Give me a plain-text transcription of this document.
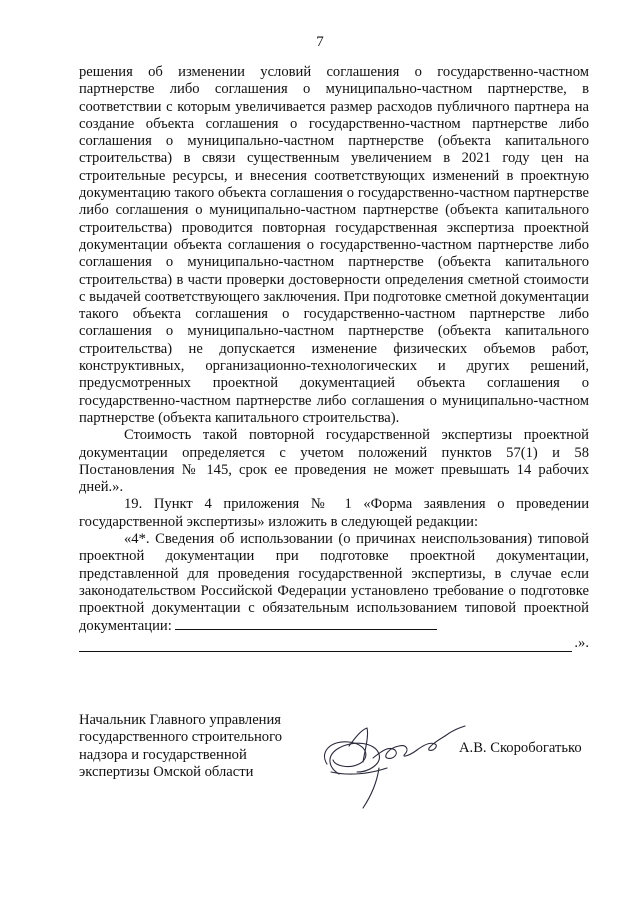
7

решения об изменении условий соглашения о государственно-частном партнерстве либо соглашения о муниципально-частном партнерстве, в соответствии с которым увеличивается размер расходов публичного партнера на создание объекта соглашения о государственно-частном партнерстве либо соглашения о муниципально-частном партнерстве (объекта капитального строительства) в связи существенным увеличением в 2021 году цен на строительные ресурсы, и внесения соответствующих изменений в проектную документацию такого объекта соглашения о государственно-частном партнерстве либо соглашения о муниципально-частном партнерстве (объекта капитального строительства) проводится повторная государственная экспертиза проектной документации объекта соглашения о государственно-частном партнерстве либо соглашения о муниципально-частном партнерстве (объекта капитального строительства) в части проверки достоверности определения сметной стоимости с выдачей соответствующего заключения. При подготовке сметной документации такого объекта соглашения о государственно-частном партнерстве либо соглашения о муниципально-частном партнерстве (объекта капитального строительства) не допускается изменение физических объемов работ, конструктивных, организационно-технологических и других решений, предусмотренных проектной документацией объекта соглашения о государственно-частном партнерстве либо соглашения о муниципально-частном партнерстве (объекта капитального строительства).

Стоимость такой повторной государственной экспертизы проектной документации определяется с учетом положений пунктов 57(1) и 58 Постановления № 145, срок ее проведения не может превышать 14 рабочих дней.».

19. Пункт 4 приложения № 1 «Форма заявления о проведении государственной экспертизы» изложить в следующей редакции:

«4*. Сведения об использовании (о причинах неиспользования) типовой проектной документации при подготовке проектной документации, представленной для проведения государственной экспертизы, в случае если законодательством Российской Федерации установлено требование о подготовке проектной документации с обязательным использованием типовой проектной документации:

.».
Начальник Главного управления
государственного строительного
надзора и государственной
экспертизы Омской области
А.В. Скоробогатько
